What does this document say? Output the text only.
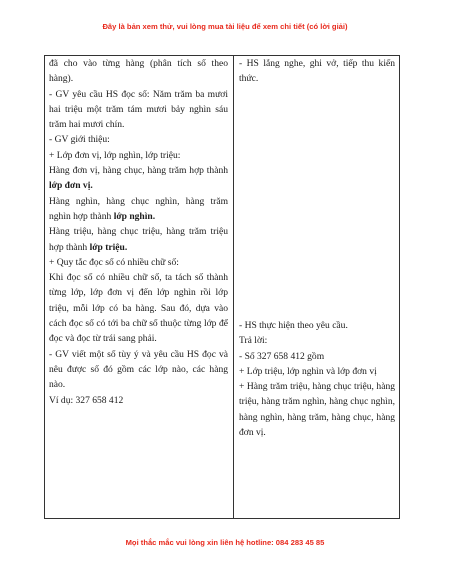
Đây là bản xem thử, vui lòng mua tài liệu để xem chi tiết (có lời giải)

đã cho vào từng hàng (phân tích số theo hàng).

- GV yêu cầu HS đọc số: Năm trăm ba mươi hai triệu một trăm tám mươi bảy nghìn sáu trăm hai mươi chín.

- GV giới thiệu:

+ Lớp đơn vị, lớp nghìn, lớp triệu:

Hàng đơn vị, hàng chục, hàng trăm hợp thành lớp đơn vị.

Hàng nghìn, hàng chục nghìn, hàng trăm nghìn hợp thành lớp nghìn.

Hàng triệu, hàng chục triệu, hàng trăm triệu hợp thành lớp triệu.

+ Quy tắc đọc số có nhiều chữ số:

Khi đọc số có nhiều chữ số, ta tách số thành từng lớp, lớp đơn vị đến lớp nghìn rồi lớp triệu, mỗi lớp có ba hàng. Sau đó, dựa vào cách đọc số có tới ba chữ số thuộc từng lớp để đọc và đọc từ trái sang phải.

- GV viết một số tùy ý và yêu cầu HS đọc và nêu được số đó gồm các lớp nào, các hàng nào.

Ví dụ: 327 658 412

- HS lắng nghe, ghi vở, tiếp thu kiến thức.

- HS thực hiện theo yêu cầu.

Trả lời:

- Số 327 658 412 gồm

+ Lớp triệu, lớp nghìn và lớp đơn vị

+ Hàng trăm triệu, hàng chục triệu, hàng triệu, hàng trăm nghìn, hàng chục nghìn, hàng nghìn, hàng trăm, hàng chục, hàng đơn vị.

Mọi thắc mắc vui lòng xin liên hệ hotline: 084 283 45 85
